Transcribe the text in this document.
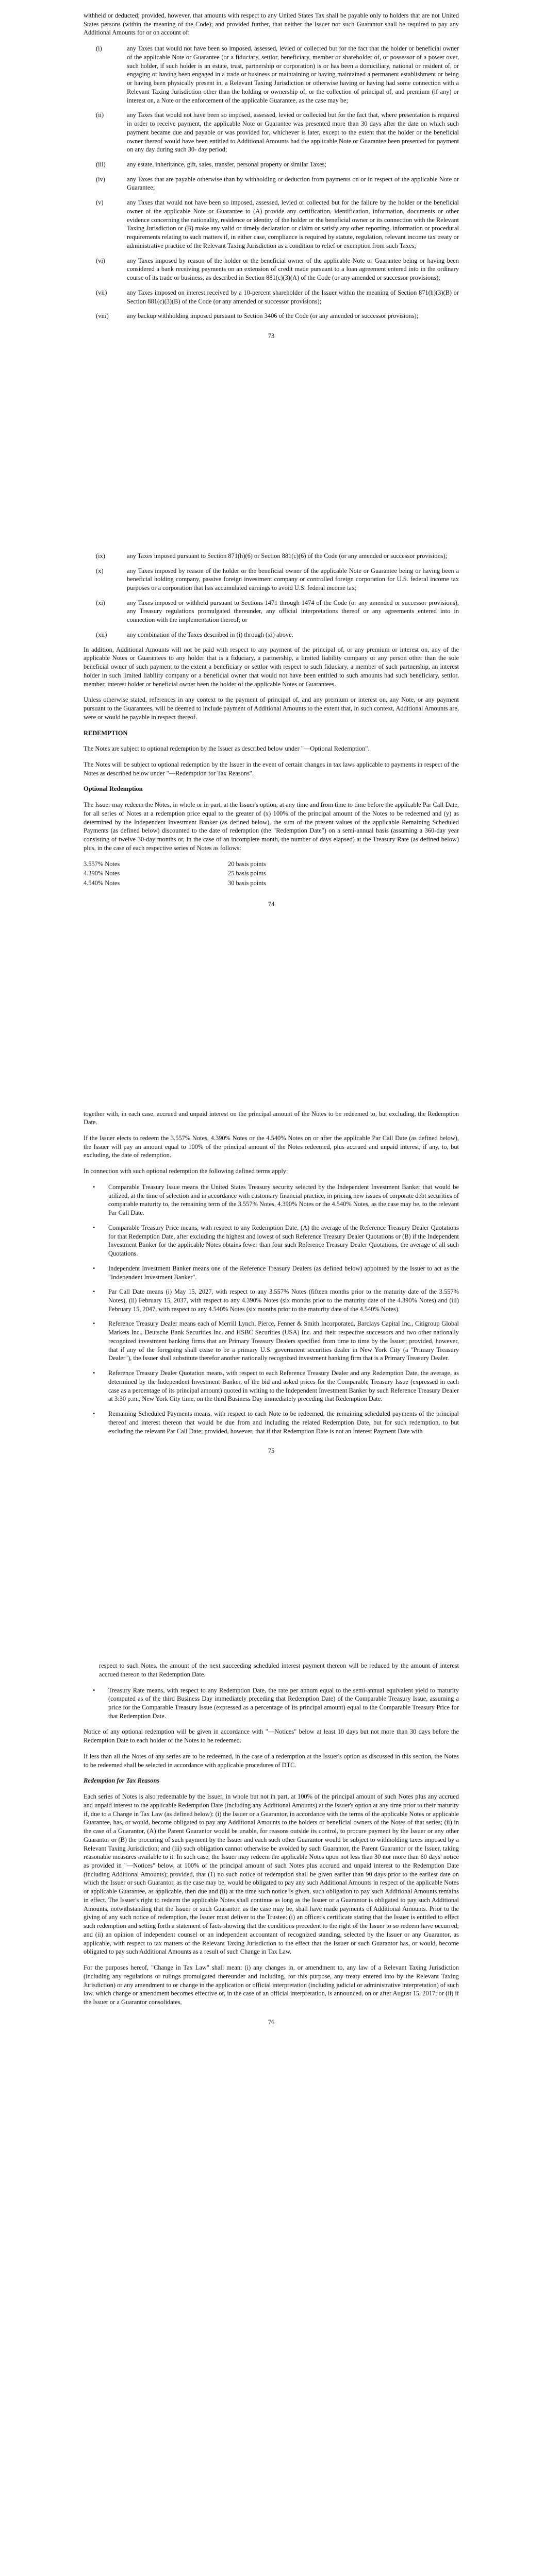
withheld or deducted; provided, however, that amounts with respect to any United States Tax shall be payable only to holders that are not United States persons (within the meaning of the Code); and provided further, that neither the Issuer nor such Guarantor shall be required to pay any Additional Amounts for or on account of:

(i)	any Taxes that would not have been so imposed, assessed, levied or collected but for the fact that the holder or beneficial owner of the applicable Note or Guarantee (or a fiduciary, settlor, beneficiary, member or shareholder of, or possessor of a power over, such holder, if such holder is an estate, trust, partnership or corporation) is or has been a domiciliary, national or resident of, or engaging or having been engaged in a trade or business or maintaining or having maintained a permanent establishment or being or having been physically present in, a Relevant Taxing Jurisdiction or otherwise having or having had some connection with a Relevant Taxing Jurisdiction other than the holding or ownership of, or the collection of principal of, and premium (if any) or interest on, a Note or the enforcement of the applicable Guarantee, as the case may be;
(ii)	any Taxes that would not have been so imposed, assessed, levied or collected but for the fact that, where presentation is required in order to receive payment, the applicable Note or Guarantee was presented more than 30 days after the date on which such payment became due and payable or was provided for, whichever is later, except to the extent that the holder or the beneficial owner thereof would have been entitled to Additional Amounts had the applicable Note or Guarantee been presented for payment on any day during such 30- day period;
(iii)	any estate, inheritance, gift, sales, transfer, personal property or similar Taxes;
(iv)	any Taxes that are payable otherwise than by withholding or deduction from payments on or in respect of the applicable Note or Guarantee;
(v)	any Taxes that would not have been so imposed, assessed, levied or collected but for the failure by the holder or the beneficial owner of the applicable Note or Guarantee to (A) provide any certification, identification, information, documents or other evidence concerning the nationality, residence or identity of the holder or the beneficial owner or its connection with the Relevant Taxing Jurisdiction or (B) make any valid or timely declaration or claim or satisfy any other reporting, information or procedural requirements relating to such matters if, in either case, compliance is required by statute, regulation, relevant income tax treaty or administrative practice of the Relevant Taxing Jurisdiction as a condition to relief or exemption from such Taxes;
(vi)	any Taxes imposed by reason of the holder or the beneficial owner of the applicable Note or Guarantee being or having been considered a bank receiving payments on an extension of credit made pursuant to a loan agreement entered into in the ordinary course of its trade or business, as described in Section 881(c)(3)(A) of the Code (or any amended or successor provisions);
(vii)	any Taxes imposed on interest received by a 10-percent shareholder of the Issuer within the meaning of Section 871(h)(3)(B) or Section 881(c)(3)(B) of the Code (or any amended or successor provisions);
(viii)	any backup withholding imposed pursuant to Section 3406 of the Code (or any amended or successor provisions);
73
(ix)	any Taxes imposed pursuant to Section 871(h)(6) or Section 881(c)(6) of the Code (or any amended or successor provisions);
(x)	any Taxes imposed by reason of the holder or the beneficial owner of the applicable Note or Guarantee being or having been a beneficial holding company, passive foreign investment company or controlled foreign corporation for U.S. federal income tax purposes or a corporation that has accumulated earnings to avoid U.S. federal income tax;
(xi)	any Taxes imposed or withheld pursuant to Sections 1471 through 1474 of the Code (or any amended or successor provisions), any Treasury regulations promulgated thereunder, any official interpretations thereof or any agreements entered into in connection with the implementation thereof; or
(xii)	any combination of the Taxes described in (i) through (xi) above.

In addition, Additional Amounts will not be paid with respect to any payment of the principal of, or any premium or interest on, any of the applicable Notes or Guarantees to any holder that is a fiduciary, a partnership, a limited liability company or any person other than the sole beneficial owner of such payment to the extent a beneficiary or settlor with respect to such fiduciary, a member of such partnership, an interest holder in such limited liability company or a beneficial owner that would not have been entitled to such amounts had such beneficiary, settlor, member, interest holder or beneficial owner been the holder of the applicable Notes or Guarantees.

Unless otherwise stated, references in any context to the payment of principal of, and any premium or interest on, any Note, or any payment pursuant to the Guarantees, will be deemed to include payment of Additional Amounts to the extent that, in such context, Additional Amounts are, were or would be payable in respect thereof.

REDEMPTION

The Notes are subject to optional redemption by the Issuer as described below under "—Optional Redemption".

The Notes will be subject to optional redemption by the Issuer in the event of certain changes in tax laws applicable to payments in respect of the Notes as described below under "—Redemption for Tax Reasons".

Optional Redemption

The Issuer may redeem the Notes, in whole or in part, at the Issuer's option, at any time and from time to time before the applicable Par Call Date, for all series of Notes at a redemption price equal to the greater of (x) 100% of the principal amount of the Notes to be redeemed and (y) as determined by the Independent Investment Banker (as defined below), the sum of the present values of the applicable Remaining Scheduled Payments (as defined below) discounted to the date of redemption (the "Redemption Date") on a semi-annual basis (assuming a 360-day year consisting of twelve 30-day months or, in the case of an incomplete month, the number of days elapsed) at the Treasury Rate (as defined below) plus, in the case of each respective series of Notes as follows:

3.557% Notes	20 basis points
4.390% Notes	25 basis points
4.540% Notes	30 basis points
74

together with, in each case, accrued and unpaid interest on the principal amount of the Notes to be redeemed to, but excluding, the Redemption Date.

If the Issuer elects to redeem the 3.557% Notes, 4.390% Notes or the 4.540% Notes on or after the applicable Par Call Date (as defined below), the Issuer will pay an amount equal to 100% of the principal amount of the Notes redeemed, plus accrued and unpaid interest, if any, to, but excluding, the date of redemption.

In connection with such optional redemption the following defined terms apply:

•	Comparable Treasury Issue means the United States Treasury security selected by the Independent Investment Banker that would be utilized, at the time of selection and in accordance with customary financial practice, in pricing new issues of corporate debt securities of comparable maturity to, the remaining term of the 3.557% Notes, 4.390% Notes or the 4.540% Notes, as the case may be, to the relevant Par Call Date.
•	Comparable Treasury Price means, with respect to any Redemption Date, (A) the average of the Reference Treasury Dealer Quotations for that Redemption Date, after excluding the highest and lowest of such Reference Treasury Dealer Quotations or (B) if the Independent Investment Banker for the applicable Notes obtains fewer than four such Reference Treasury Dealer Quotations, the average of all such Quotations.
•	Independent Investment Banker means one of the Reference Treasury Dealers (as defined below) appointed by the Issuer to act as the "Independent Investment Banker".
•	Par Call Date means (i) May 15, 2027, with respect to any 3.557% Notes (fifteen months prior to the maturity date of the 3.557% Notes), (ii) February 15, 2037, with respect to any 4.390% Notes (six months prior to the maturity date of the 4.390% Notes) and (iii) February 15, 2047, with respect to any 4.540% Notes (six months prior to the maturity date of the 4.540% Notes).
•	Reference Treasury Dealer means each of Merrill Lynch, Pierce, Fenner & Smith Incorporated, Barclays Capital Inc., Citigroup Global Markets Inc., Deutsche Bank Securities Inc. and HSBC Securities (USA) Inc. and their respective successors and two other nationally recognized investment banking firms that are Primary Treasury Dealers specified from time to time by the Issuer; provided, however, that if any of the foregoing shall cease to be a primary U.S. government securities dealer in New York City (a "Primary Treasury Dealer"), the Issuer shall substitute therefor another nationally recognized investment banking firm that is a Primary Treasury Dealer.
•	Reference Treasury Dealer Quotation means, with respect to each Reference Treasury Dealer and any Redemption Date, the average, as determined by the Independent Investment Banker, of the bid and asked prices for the Comparable Treasury Issue (expressed in each case as a percentage of its principal amount) quoted in writing to the Independent Investment Banker by such Reference Treasury Dealer at 3:30 p.m., New York City time, on the third Business Day immediately preceding that Redemption Date.
•	Remaining Scheduled Payments means, with respect to each Note to be redeemed, the remaining scheduled payments of the principal thereof and interest thereon that would be due from and including the related Redemption Date, but for such redemption, to but excluding the relevant Par Call Date; provided, however, that if that Redemption Date is not an Interest Payment Date with
75

respect to such Notes, the amount of the next succeeding scheduled interest payment thereon will be reduced by the amount of interest accrued thereon to that Redemption Date.

•	Treasury Rate means, with respect to any Redemption Date, the rate per annum equal to the semi-annual equivalent yield to maturity (computed as of the third Business Day immediately preceding that Redemption Date) of the Comparable Treasury Issue, assuming a price for the Comparable Treasury Issue (expressed as a percentage of its principal amount) equal to the Comparable Treasury Price for that Redemption Date.

Notice of any optional redemption will be given in accordance with "—Notices" below at least 10 days but not more than 30 days before the Redemption Date to each holder of the Notes to be redeemed.

If less than all the Notes of any series are to be redeemed, in the case of a redemption at the Issuer's option as discussed in this section, the Notes to be redeemed shall be selected in accordance with applicable procedures of DTC.

Redemption for Tax Reasons

Each series of Notes is also redeemable by the Issuer, in whole but not in part, at 100% of the principal amount of such Notes plus any accrued and unpaid interest to the applicable Redemption Date (including any Additional Amounts) at the Issuer's option at any time prior to their maturity if, due to a Change in Tax Law (as defined below): (i) the Issuer or a Guarantor, in accordance with the terms of the applicable Notes or applicable Guarantee, has, or would, become obligated to pay any Additional Amounts to the holders or beneficial owners of the Notes of that series; (ii) in the case of a Guarantor, (A) the Parent Guarantor would be unable, for reasons outside its control, to procure payment by the Issuer or any other Guarantor or (B) the procuring of such payment by the Issuer and each such other Guarantor would be subject to withholding taxes imposed by a Relevant Taxing Jurisdiction; and (iii) such obligation cannot otherwise be avoided by such Guarantor, the Parent Guarantor or the Issuer, taking reasonable measures available to it. In such case, the Issuer may redeem the applicable Notes upon not less than 30 nor more than 60 days' notice as provided in "—Notices" below, at 100% of the principal amount of such Notes plus accrued and unpaid interest to the Redemption Date (including Additional Amounts); provided, that (1) no such notice of redemption shall be given earlier than 90 days prior to the earliest date on which the Issuer or such Guarantor, as the case may be, would be obligated to pay any such Additional Amounts in respect of the applicable Notes or applicable Guarantee, as applicable, then due and (ii) at the time such notice is given, such obligation to pay such Additional Amounts remains in effect. The Issuer's right to redeem the applicable Notes shall continue as long as the Issuer or a Guarantor is obligated to pay such Additional Amounts, notwithstanding that the Issuer or such Guarantor, as the case may be, shall have made payments of Additional Amounts. Prior to the giving of any such notice of redemption, the Issuer must deliver to the Trustee: (i) an officer's certificate stating that the Issuer is entitled to effect such redemption and setting forth a statement of facts showing that the conditions precedent to the right of the Issuer to so redeem have occurred; and (ii) an opinion of independent counsel or an independent accountant of recognized standing, selected by the Issuer or any Guarantor, as applicable, with respect to tax matters of the Relevant Taxing Jurisdiction to the effect that the Issuer or such Guarantor has, or would, become obligated to pay such Additional Amounts as a result of such Change in Tax Law.

For the purposes hereof, "Change in Tax Law" shall mean: (i) any changes in, or amendment to, any law of a Relevant Taxing Jurisdiction (including any regulations or rulings promulgated thereunder and including, for this purpose, any treaty entered into by the Relevant Taxing Jurisdiction) or any amendment to or change in the application or official interpretation (including judicial or administrative interpretation) of such law, which change or amendment becomes effective or, in the case of an official interpretation, is announced, on or after August 15, 2017; or (ii) if the Issuer or a Guarantor consolidates,

76
